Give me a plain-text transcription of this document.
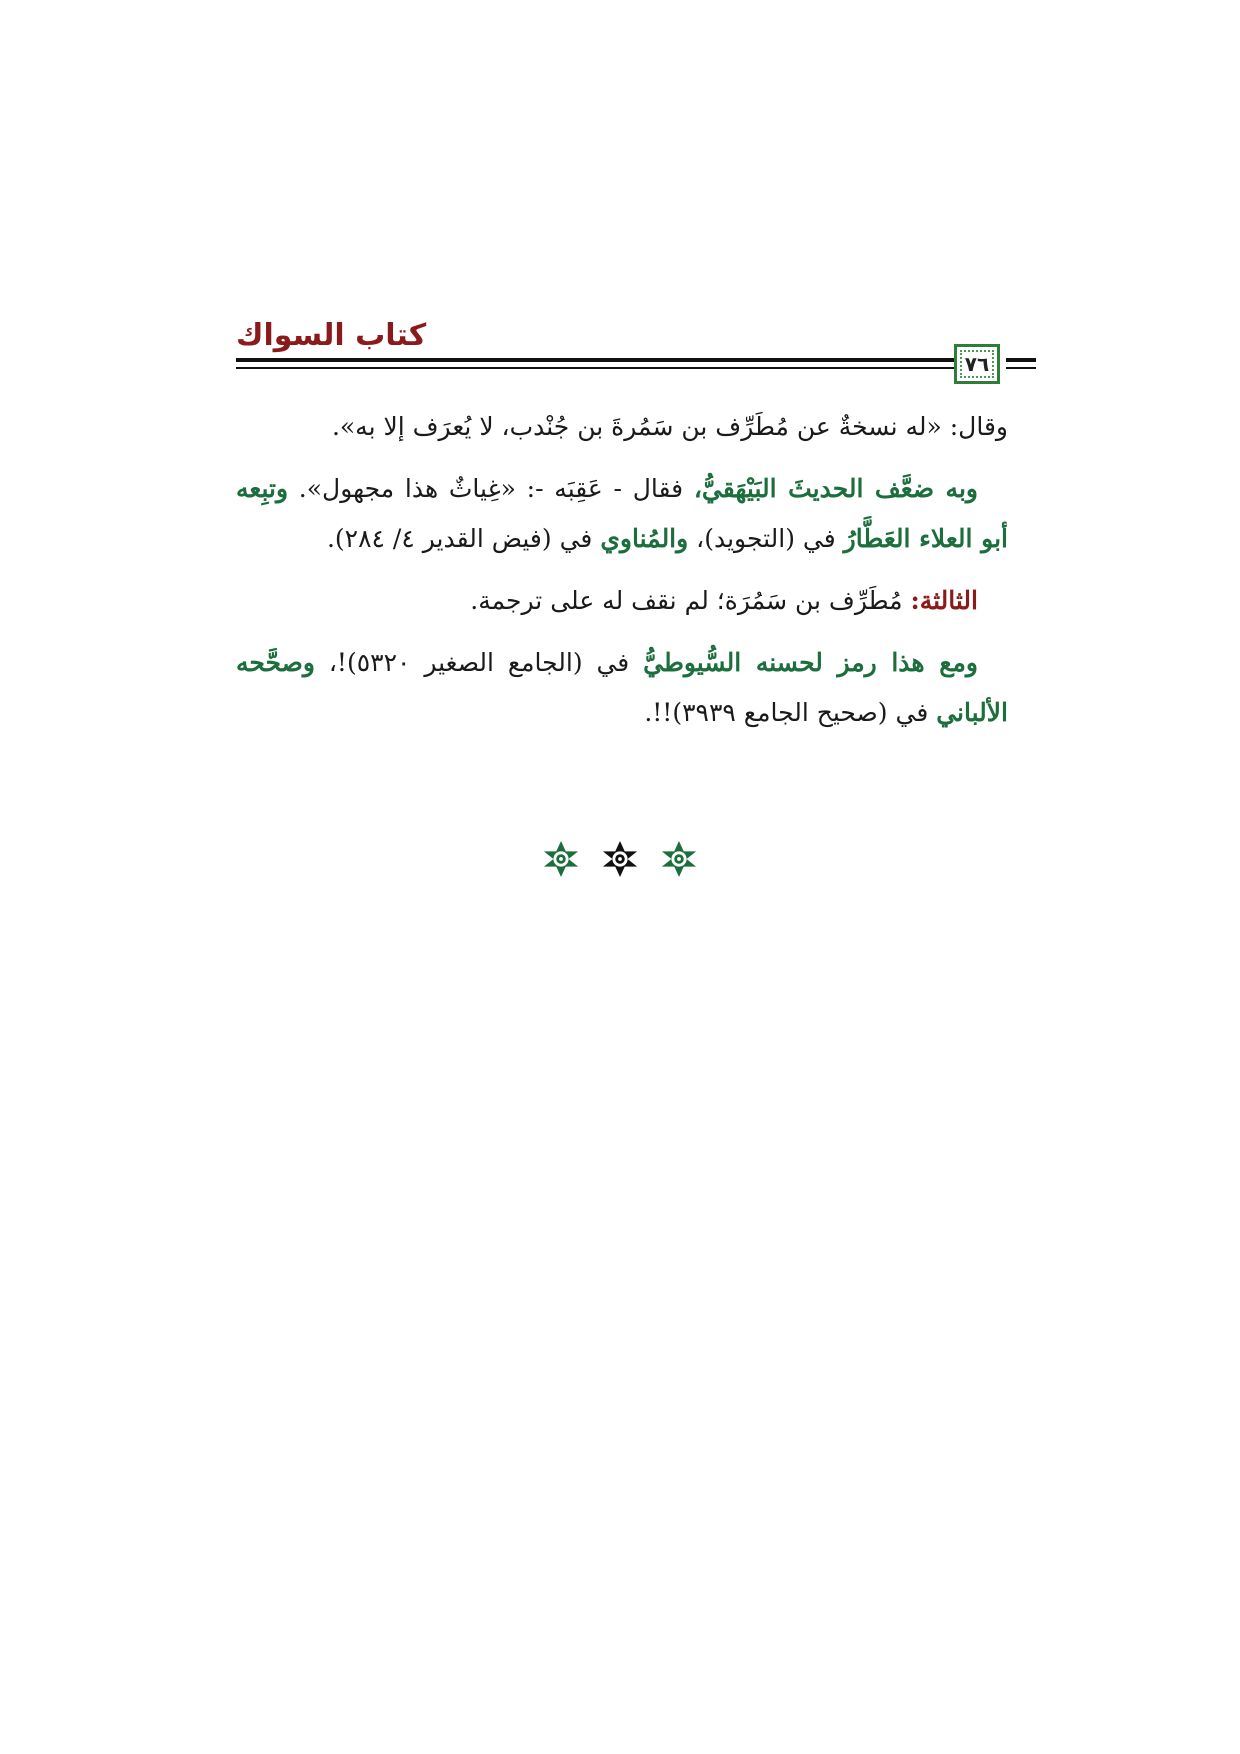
كتاب السواك
٧٦

وقال: «له نسخةٌ عن مُطَرِّف بن سَمُرةَ بن جُنْدب، لا يُعرَف إلا به».

وبه ضعَّف الحديثَ البَيْهَقيُّ، فقال - عَقِبَه -: «غِياثٌ هذا مجهول». وتبِعه أبو العلاء العَطَّارُ في (التجويد)، والمُناوي في (فيض القدير ٤/ ٢٨٤).

الثالثة: مُطَرِّف بن سَمُرَة؛ لم نقف له على ترجمة.

ومع هذا رمز لحسنه السُّيوطيُّ في (الجامع الصغير ٥٣٢٠)!، وصحَّحه الألباني في (صحيح الجامع ٣٩٣٩)!!.
